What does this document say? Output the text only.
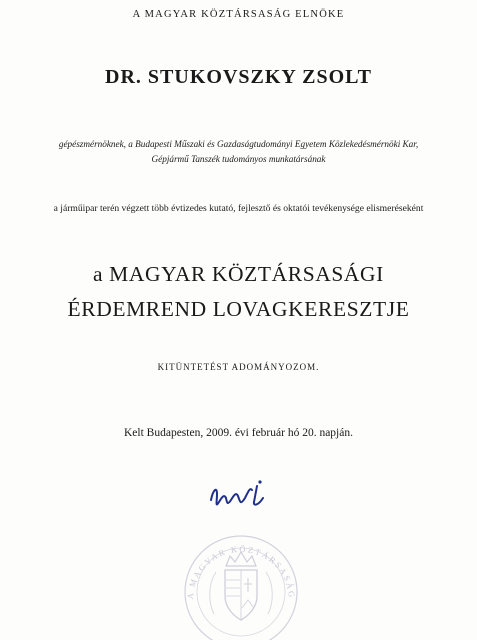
A MAGYAR KÖZTÁRSASÁG ELNÖKE
DR. STUKOVSZKY ZSOLT
gépészmérnöknek, a Budapesti Műszaki és Gazdaságtudományi Egyetem Közlekedésmérnöki Kar,
Gépjármű Tanszék tudományos munkatársának
a járműipar terén végzett több évtizedes kutató, fejlesztő és oktatói tevékenysége elismeréseként
a MAGYAR KÖZTÁRSASÁGI
ÉRDEMREND LOVAGKERESZTJE
KITÜNTETÉST ADOMÁNYOZOM.
Kelt Budapesten, 2009. évi február hó 20. napján.
A MAGYAR KÖZTÁRSASÁG
